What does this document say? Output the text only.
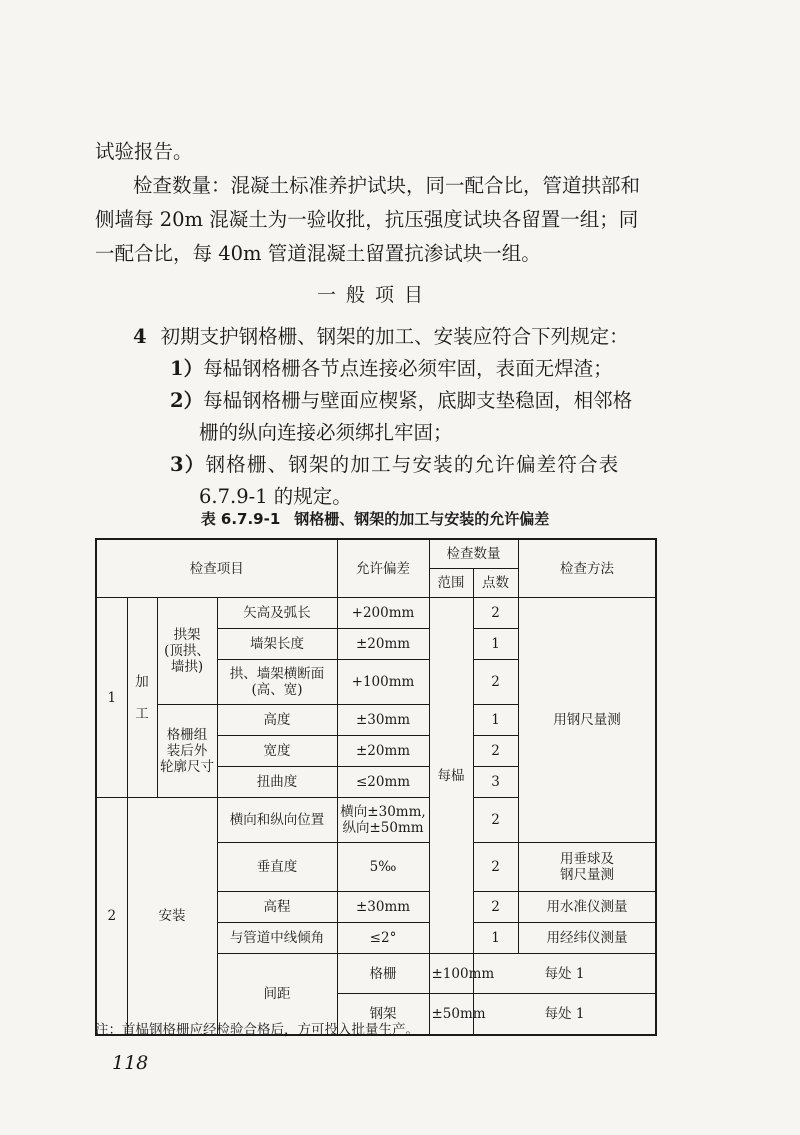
试验报告。

检查数量：混凝土标准养护试块，同一配合比，管道拱部和

侧墙每 20m 混凝土为一验收批，抗压强度试块各留置一组；同

一配合比，每 40m 管道混凝土留置抗渗试块一组。

一般项目

4 初期支护钢格栅、钢架的加工、安装应符合下列规定：

1）每榀钢格栅各节点连接必须牢固，表面无焊渣；

2）每榀钢格栅与壁面应楔紧，底脚支垫稳固，相邻格

栅的纵向连接必须绑扎牢固；

3）钢格栅、钢架的加工与安装的允许偏差符合表

6.7.9-1 的规定。

表 6.7.9-1 钢格栅、钢架的加工与安装的允许偏差
检查项目				允许偏差	检查数量		检查方法	
					范围	点数		
1	加

工	拱架
(顶拱、
墙拱)	矢高及弧长	+200mm	每榀	2	用钢尺量测	
			墙架长度	±20mm		1		
			拱、墙架横断面
(高、宽)	+100mm		2		
		格栅组
装后外
轮廓尺寸	高度	±30mm		1		
			宽度	±20mm		2		
			扭曲度	≤20mm		3		
2	安装		横向和纵向位置	横向±30mm,
纵向±50mm		2		
			垂直度	5‰		2	用垂球及
钢尺量测	
			高程	±30mm		2	用水准仪测量	
			与管道中线倾角	≤2°		1	用经纬仪测量	
			间距	格栅	±100mm	每处 1	
				钢架	±50mm	每处 1		
注：首榀钢格栅应经检验合格后，方可投入批量生产。
118
